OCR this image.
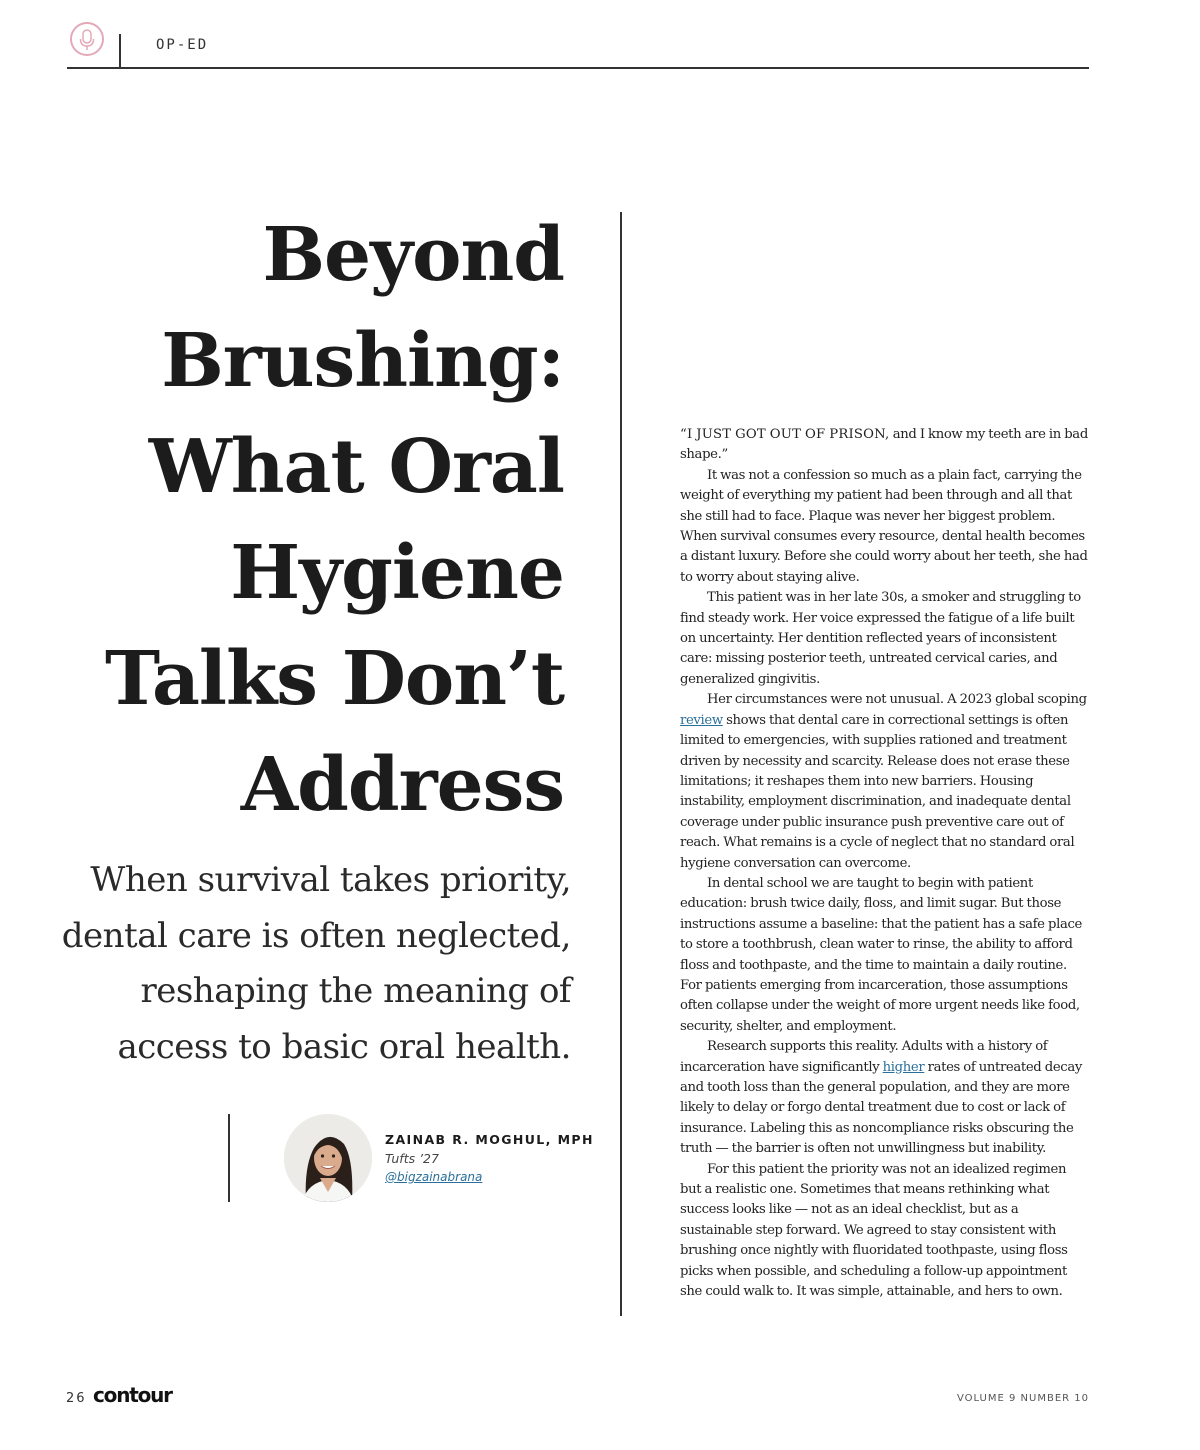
OP-ED
Beyond
Brushing:
What Oral
Hygiene
Talks Don’t
Address

When survival takes priority,
dental care is often neglected,
reshaping the meaning of
access to basic oral health.

ZAINAB R. MOGHUL, MPH
Tufts ’27
@bigzainabrana

“I JUST GOT OUT OF PRISON, and I know my teeth are in bad shape.”

It was not a confession so much as a plain fact, carrying the weight of everything my patient had been through and all that she still had to face. Plaque was never her biggest problem. When survival consumes every resource, dental health becomes a distant luxury. Before she could worry about her teeth, she had to worry about staying alive.

This patient was in her late 30s, a smoker and struggling to find steady work. Her voice expressed the fatigue of a life built on uncertainty. Her dentition reflected years of inconsistent care: missing posterior teeth, untreated cervical caries, and generalized gingivitis.

Her circumstances were not unusual. A 2023 global scoping review shows that dental care in correctional settings is often limited to emergencies, with supplies rationed and treatment driven by necessity and scarcity. Release does not erase these limitations; it reshapes them into new barriers. Housing instability, employment discrimination, and inadequate dental coverage under public insurance push preventive care out of reach. What remains is a cycle of neglect that no standard oral hygiene conversation can overcome.

In dental school we are taught to begin with patient education: brush twice daily, floss, and limit sugar. But those instructions assume a baseline: that the patient has a safe place to store a toothbrush, clean water to rinse, the ability to afford floss and toothpaste, and the time to maintain a daily routine. For patients emerging from incarceration, those assumptions often collapse under the weight of more urgent needs like food, security, shelter, and employment.

Research supports this reality. Adults with a history of incarceration have significantly higher rates of untreated decay and tooth loss than the general population, and they are more likely to delay or forgo dental treatment due to cost or lack of insurance. Labeling this as noncompliance risks obscuring the truth — the barrier is often not unwillingness but inability.

For this patient the priority was not an idealized regimen but a realistic one. Sometimes that means rethinking what success looks like — not as an ideal checklist, but as a sustainable step forward. We agreed to stay consistent with brushing once nightly with fluoridated toothpaste, using floss picks when possible, and scheduling a follow-up appointment she could walk to. It was simple, attainable, and hers to own.

26 contour	VOLUME 9 NUMBER 10
